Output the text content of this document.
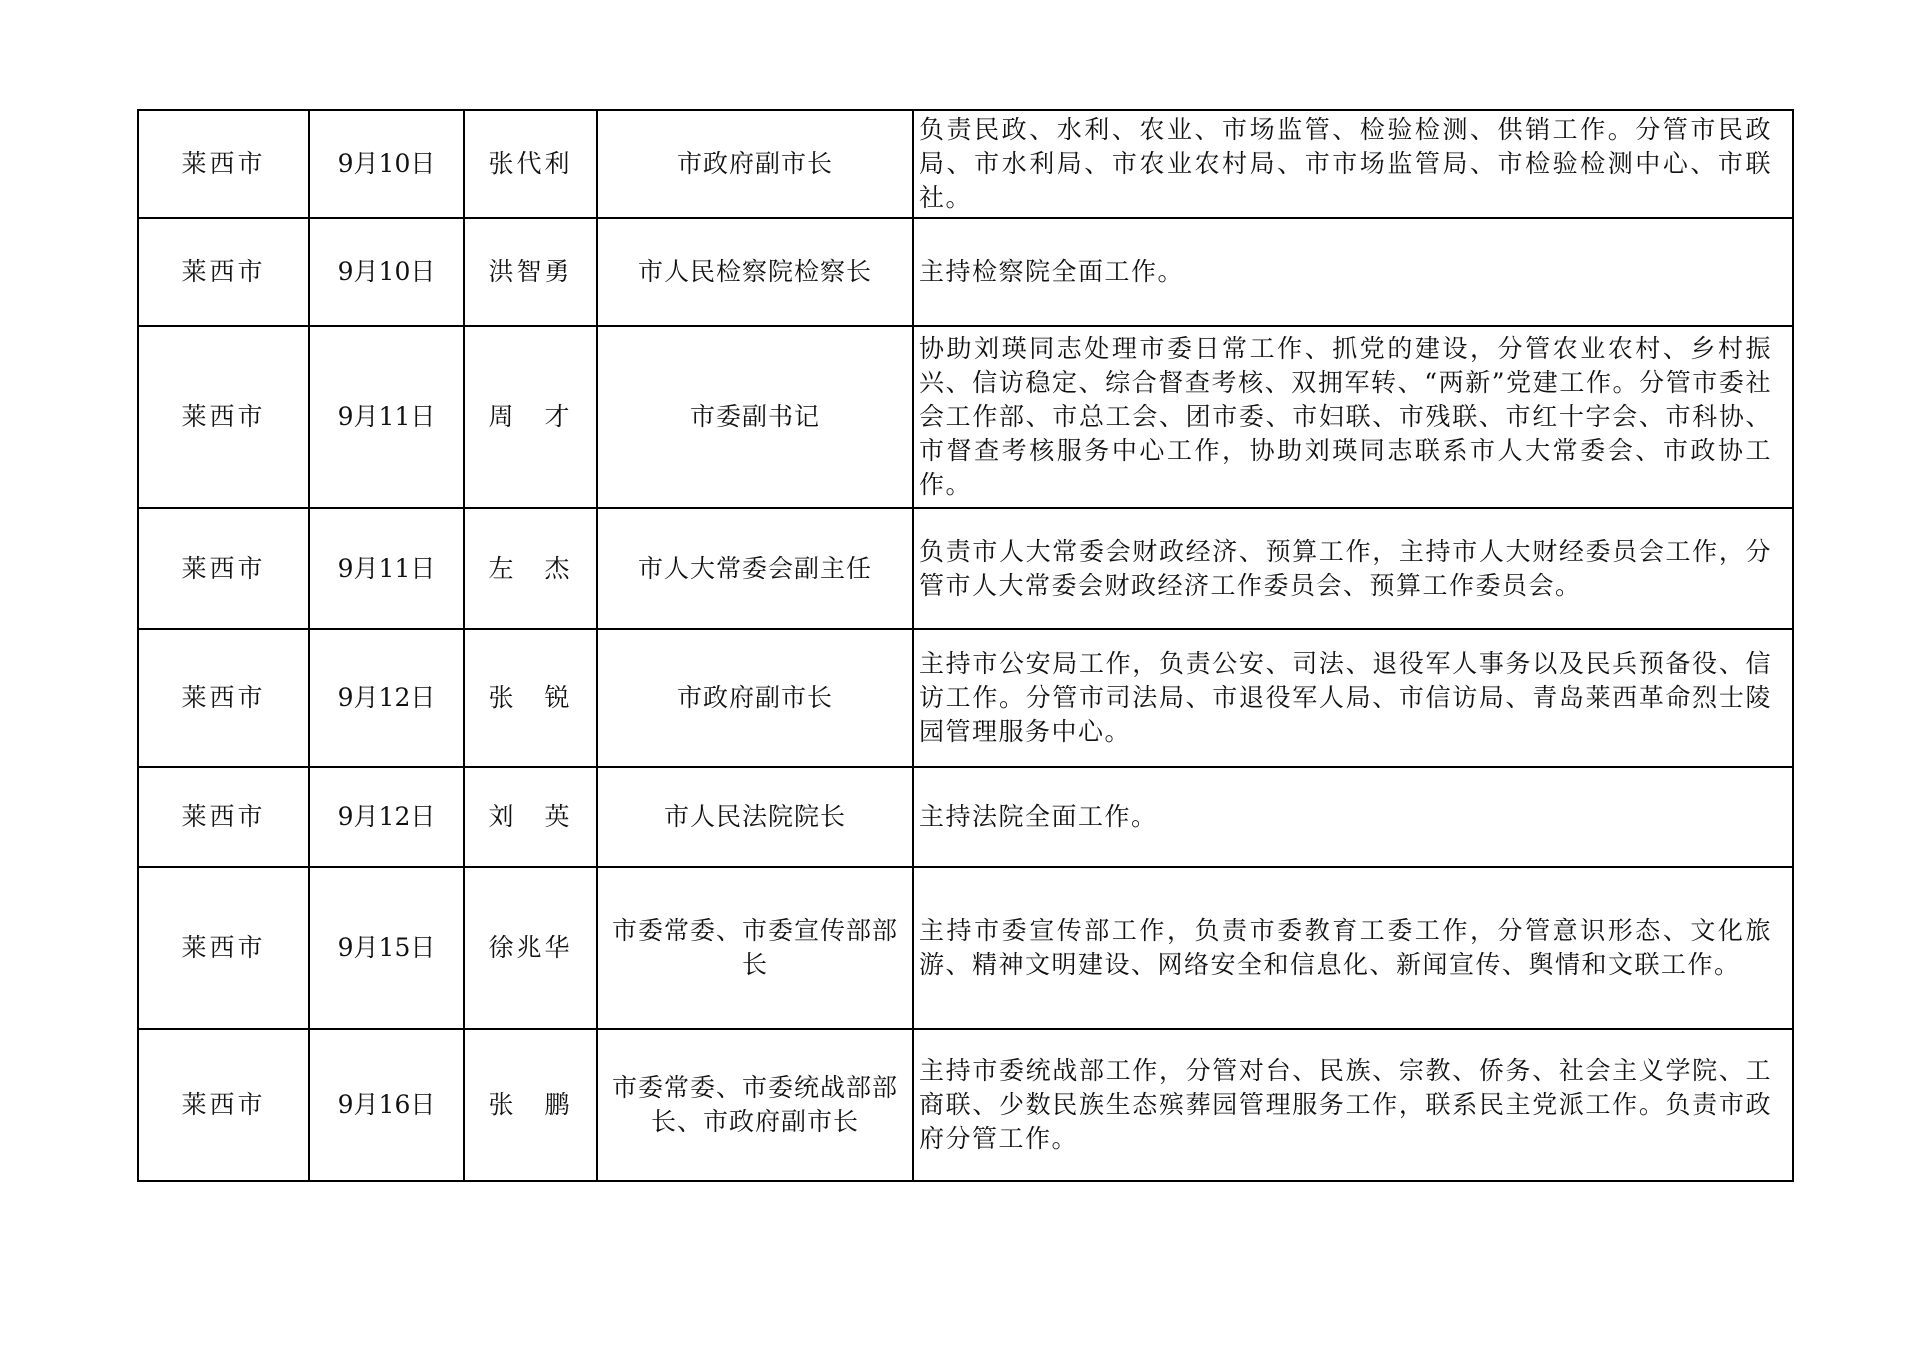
莱西市	9月10日	张代利	市政府副市长	负责民政、水利、农业、市场监管、检验检测、供销工作。分管市民政局、市水利局、市农业农村局、市市场监管局、市检验检测中心、市联社。
莱西市	9月10日	洪智勇	市人民检察院检察长	主持检察院全面工作。
莱西市	9月11日	周　才	市委副书记	协助刘瑛同志处理市委日常工作、抓党的建设，分管农业农村、乡村振兴、信访稳定、综合督查考核、双拥军转、“两新”党建工作。分管市委社会工作部、市总工会、团市委、市妇联、市残联、市红十字会、市科协、市督查考核服务中心工作，协助刘瑛同志联系市人大常委会、市政协工作。
莱西市	9月11日	左　杰	市人大常委会副主任	负责市人大常委会财政经济、预算工作，主持市人大财经委员会工作，分管市人大常委会财政经济工作委员会、预算工作委员会。
莱西市	9月12日	张　锐	市政府副市长	主持市公安局工作，负责公安、司法、退役军人事务以及民兵预备役、信访工作。分管市司法局、市退役军人局、市信访局、青岛莱西革命烈士陵园管理服务中心。
莱西市	9月12日	刘　英	市人民法院院长	主持法院全面工作。
莱西市	9月15日	徐兆华	市委常委、市委宣传部部长	主持市委宣传部工作，负责市委教育工委工作，分管意识形态、文化旅游、精神文明建设、网络安全和信息化、新闻宣传、舆情和文联工作。
莱西市	9月16日	张　鹏	市委常委、市委统战部部长、市政府副市长	主持市委统战部工作，分管对台、民族、宗教、侨务、社会主义学院、工商联、少数民族生态殡葬园管理服务工作，联系民主党派工作。负责市政府分管工作。
